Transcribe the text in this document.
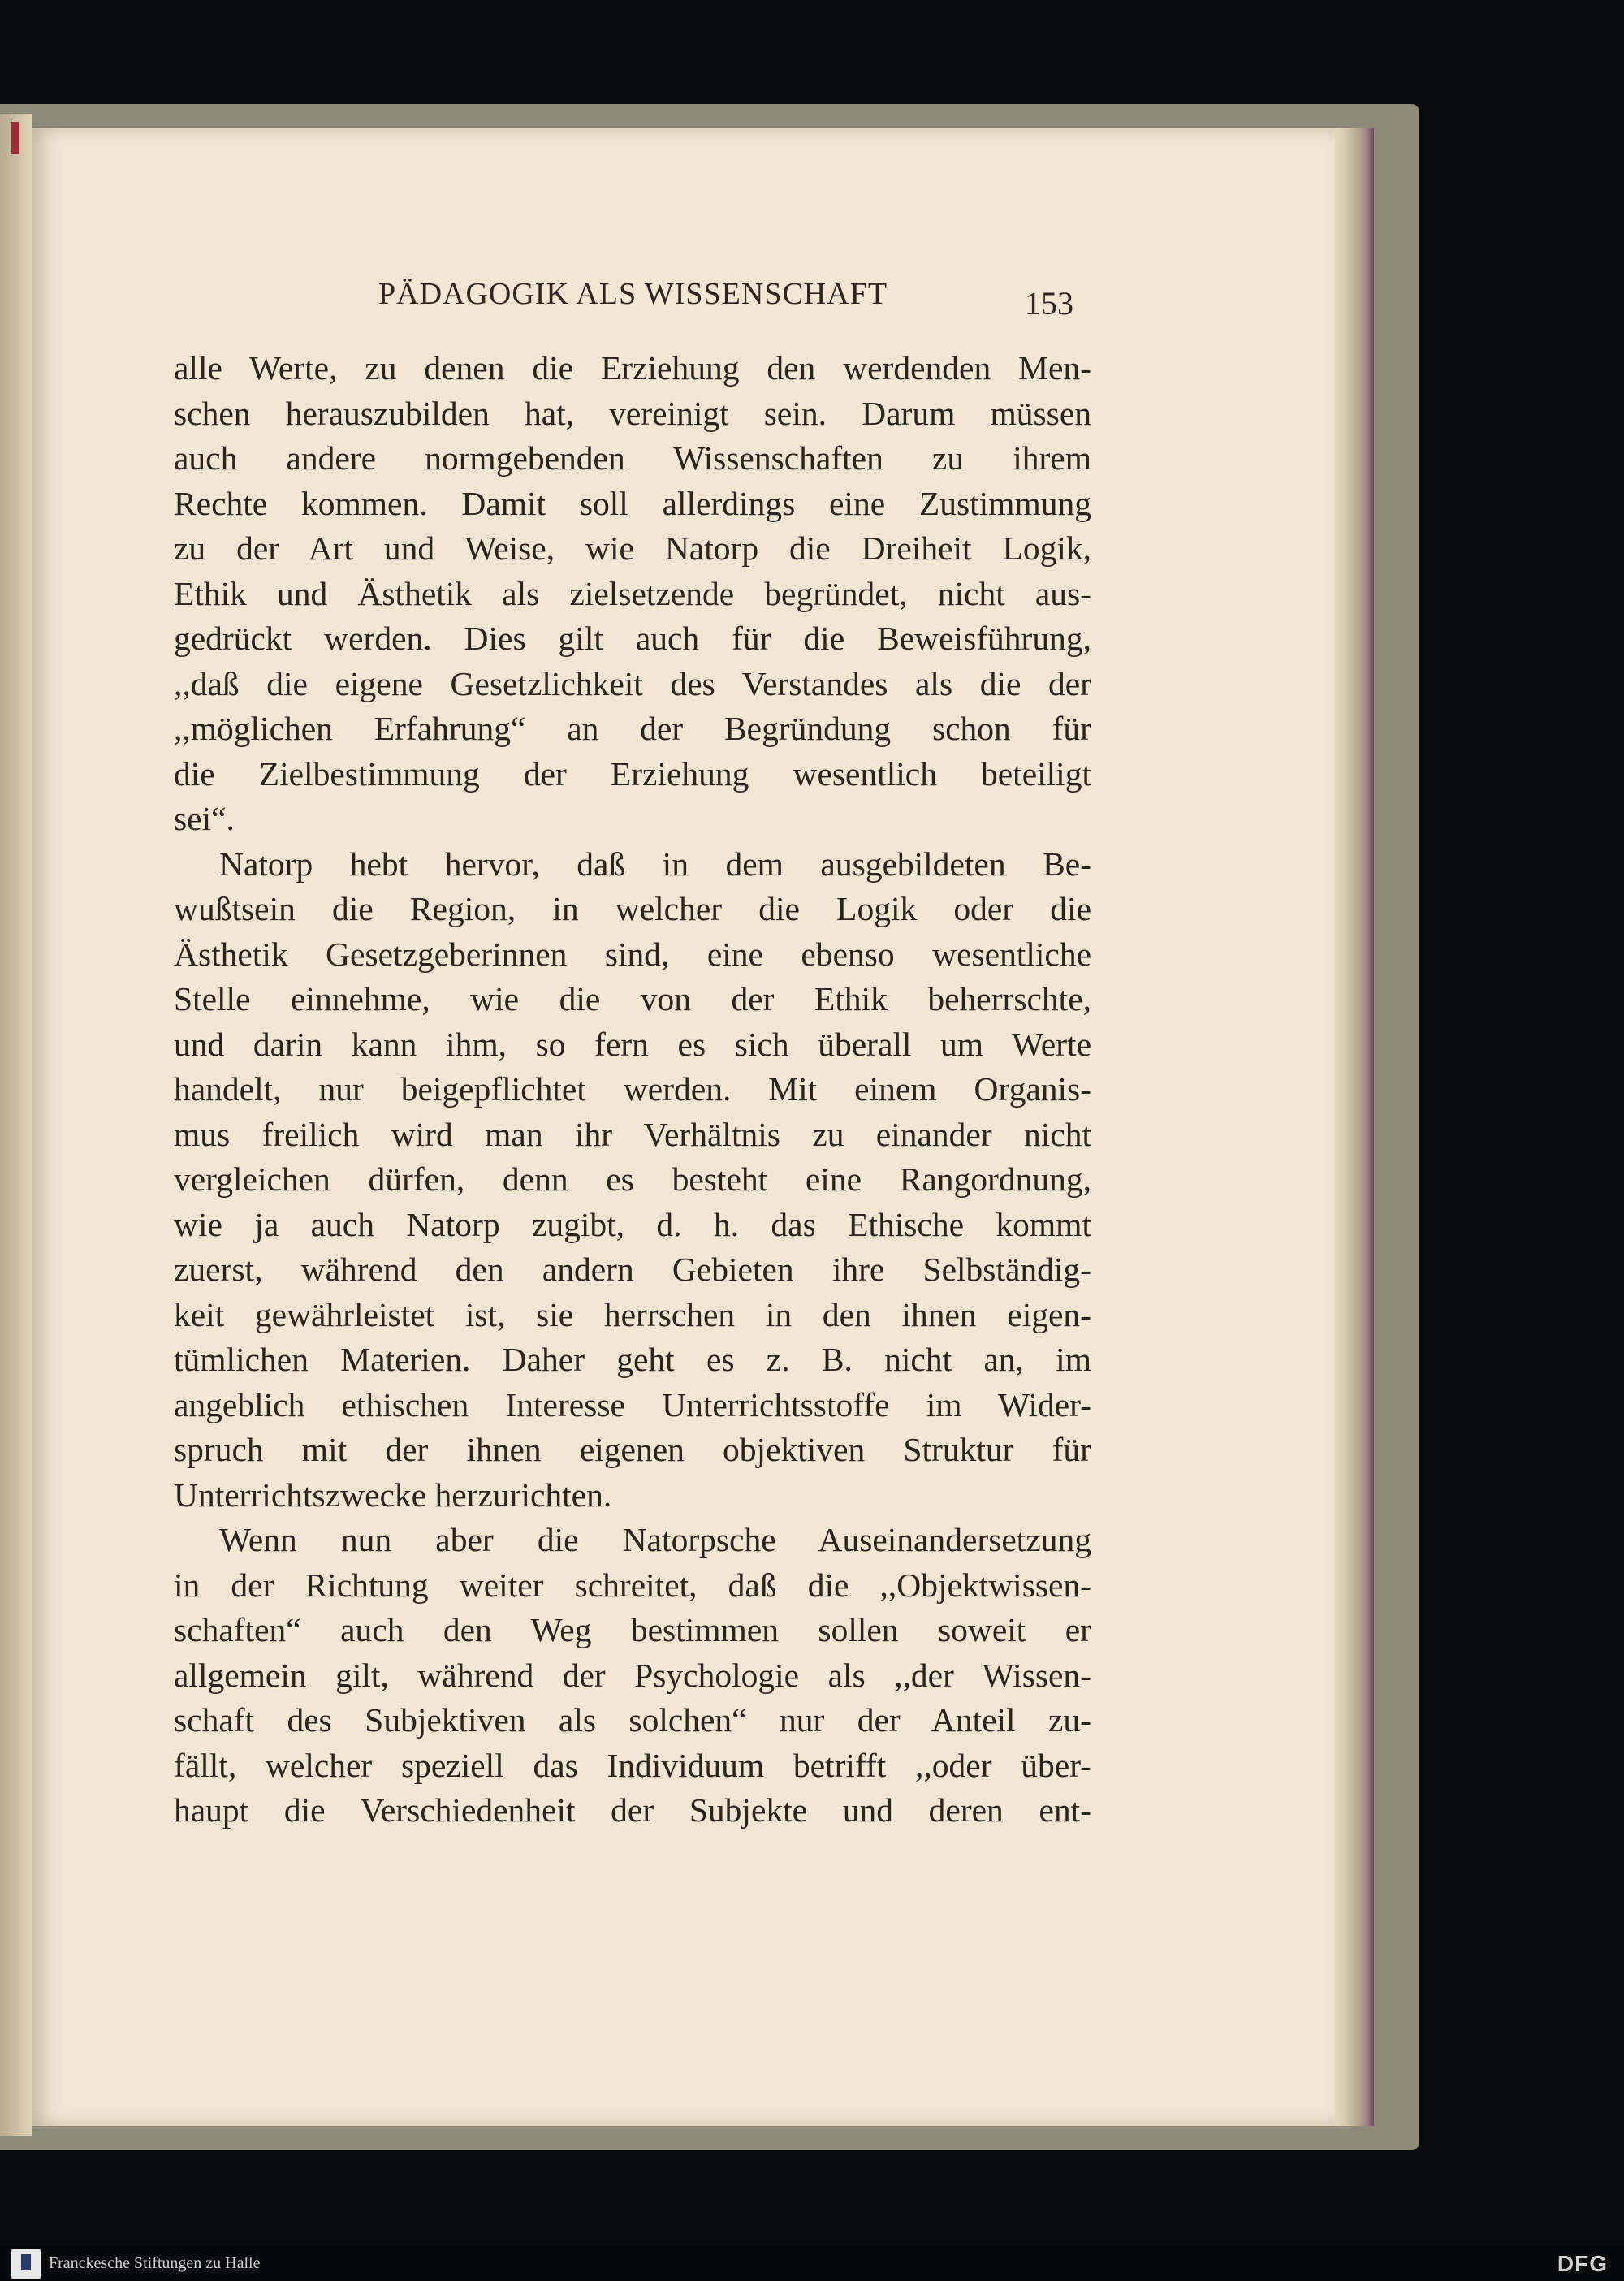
PÄDAGOGIK ALS WISSENSCHAFT	153
alle Werte, zu denen die Erziehung den werdenden Men-
schen herauszubilden hat, vereinigt sein. Darum müssen
auch andere normgebenden Wissenschaften zu ihrem
Rechte kommen. Damit soll allerdings eine Zustimmung
zu der Art und Weise, wie Natorp die Dreiheit Logik,
Ethik und Ästhetik als zielsetzende begründet, nicht aus-
gedrückt werden. Dies gilt auch für die Beweisführung,
,,daß die eigene Gesetzlichkeit des Verstandes als die der
,,möglichen Erfahrung“ an der Begründung schon für
die Zielbestimmung der Erziehung wesentlich beteiligt
sei“.
Natorp hebt hervor, daß in dem ausgebildeten Be-
wußtsein die Region, in welcher die Logik oder die
Ästhetik Gesetzgeberinnen sind, eine ebenso wesentliche
Stelle einnehme, wie die von der Ethik beherrschte,
und darin kann ihm, so fern es sich überall um Werte
handelt, nur beigepflichtet werden. Mit einem Organis-
mus freilich wird man ihr Verhältnis zu einander nicht
vergleichen dürfen, denn es besteht eine Rangordnung,
wie ja auch Natorp zugibt, d. h. das Ethische kommt
zuerst, während den andern Gebieten ihre Selbständig-
keit gewährleistet ist, sie herrschen in den ihnen eigen-
tümlichen Materien. Daher geht es z. B. nicht an, im
angeblich ethischen Interesse Unterrichtsstoffe im Wider-
spruch mit der ihnen eigenen objektiven Struktur für
Unterrichtszwecke herzurichten.
Wenn nun aber die Natorpsche Auseinandersetzung
in der Richtung weiter schreitet, daß die ,,Objektwissen-
schaften“ auch den Weg bestimmen sollen soweit er
allgemein gilt, während der Psychologie als ,,der Wissen-
schaft des Subjektiven als solchen“ nur der Anteil zu-
fällt, welcher speziell das Individuum betrifft ,,oder über-
haupt die Verschiedenheit der Subjekte und deren ent-
Franckesche Stiftungen zu Halle	DFG
